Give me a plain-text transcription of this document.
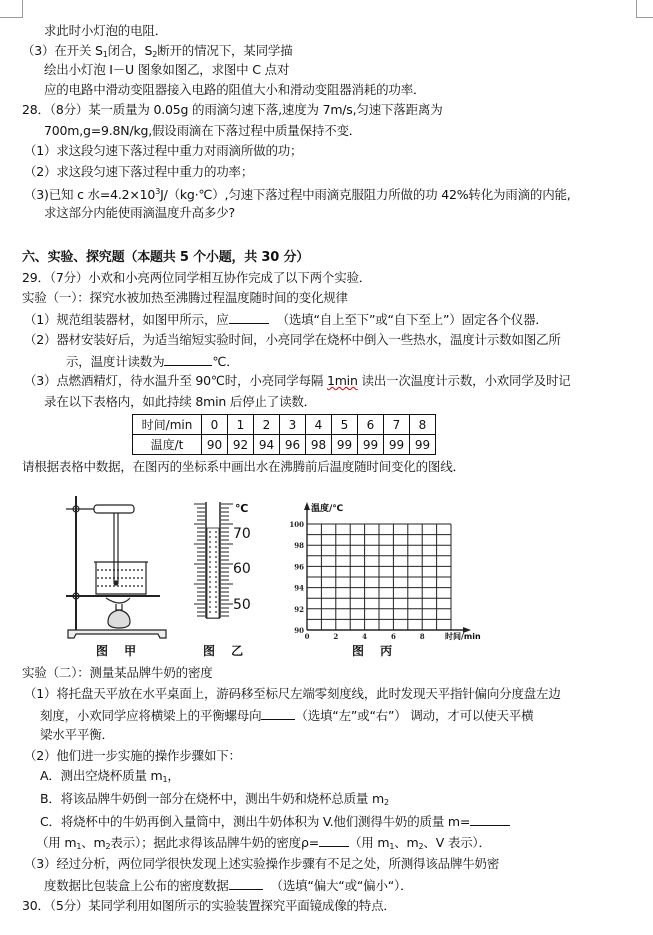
求此时小灯泡的电阻．
（3）在开关 $S_1$闭合，$S_2$断开的情况下，某同学描
绘出小灯泡 I－U 图象如图乙，求图中 C 点对
应的电路中滑动变阻器接入电路的阻值大小和滑动变阻器消耗的功率．
28．（8分）某一质量为 0.05g 的雨滴匀速下落,速度为 7m/s,匀速下落距离为
700m,g=9.8N/kg,假设雨滴在下落过程中质量保持不变．
（1）求这段匀速下落过程中重力对雨滴所做的功；
（2）求这段匀速下落过程中重力的功率；
（3)已知 c 水$=4.2\times 10^3J/(kg\cdot℃)$,匀速下落过程中雨滴克服阻力所做的功 42%转化为雨滴的内能,
求这部分内能使雨滴温度升高多少?
六、实验、探究题（本题共 5 个小题，共 30 分）
29．（7分）小欢和小亮两位同学相互协作完成了以下两个实验．
实验（一）：探究水被加热至沸腾过程温度随时间的变化规律
（1）规范组装器材，如图甲所示，应	（选填“自上至下”或“自下至上”）固定各个仪器．
（2）器材安装好后，为适当缩短实验时间，小亮同学在烧杯中倒入一些热水，温度计示数如图乙所
示，温度计读数为	℃．
（3）点燃酒精灯，待水温升至 90℃时，小亮同学每隔 1min 读出一次温度计示数，小欢同学及时记
录在以下表格内，如此持续 8min 后停止了读数．
时间/min	0	1	2	3	4	5	6	7	8
温度/t	90	92	94	96	98	99	99	99	99
请根据表格中数据，在图丙的坐标系中画出水在沸腾前后温度随时间变化的图线．
图 甲
℃
70
60
50
图 乙
100
98
96
94
92
90
0	2	4	6	8
温度/℃
时间/min
图 丙
实验（二）：测量某品牌牛奶的密度
（1）将托盘天平放在水平桌面上，游码移至标尺左端零刻度线，此时发现天平指针偏向分度盘左边
刻度，小欢同学应将横梁上的平衡螺母向	（选填“左”或“右”） 调动，才可以使天平横
梁水平平衡．
（2）他们进一步实施的操作步骤如下：
A．测出空烧杯质量 $m_1$，
B．将该品牌牛奶倒一部分在烧杯中，测出牛奶和烧杯总质量 $m_2$
C．将烧杯中的牛奶再倒入量筒中，测出牛奶体积为 V.他们测得牛奶的质量 m=
（用 $m_1$、$m_2$表示）；据此求得该品牌牛奶的密度ρ= （用 $m_1$、$m_2$、V 表示）．
（3）经过分析，两位同学很快发现上述实验操作步骤有不足之处，所测得该品牌牛奶密
度数据比包装盒上公布的密度数据	（选填“偏大“或“偏小“）．
30．（5分）某同学利用如图所示的实验装置探究平面镜成像的特点．
